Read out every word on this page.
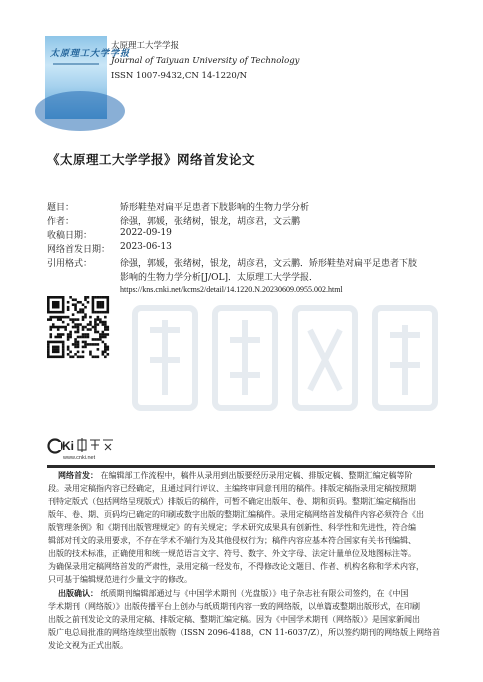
太原理工大学学报
太原理工大学学报
Journal of Taiyuan University of Technology
ISSN 1007-9432,CN 14-1220/N
《太原理工大学学报》网络首发论文
题目：	矫形鞋垫对扁平足患者下肢影响的生物力学分析
作者：	徐强，郭媛，张绪树，银龙，胡彦君，文云鹏
收稿日期：	2022-09-19
网络首发日期： 2023-06-13
引用格式：	徐强，郭媛，张绪树，银龙，胡彦君，文云鹏．矫形鞋垫对扁平足患者下肢
影响的生物力学分析[J/OL]．太原理工大学学报．
https://kns.cnki.net/kcms2/detail/14.1220.N.20230609.0955.002.html
Ki
www.cnki.net
网络首发： 在编辑部工作流程中，稿件从录用到出版要经历录用定稿、排版定稿、整期汇编定稿等阶
段。录用定稿指内容已经确定，且通过同行评议、主编终审同意刊用的稿件。排版定稿指录用定稿按照期
刊特定版式（包括网络呈现版式）排版后的稿件，可暂不确定出版年、卷、期和页码。整期汇编定稿指出
版年、卷、期、页码均已确定的印刷或数字出版的整期汇编稿件。录用定稿网络首发稿件内容必须符合《出
版管理条例》和《期刊出版管理规定》的有关规定；学术研究成果具有创新性、科学性和先进性，符合编
辑部对刊文的录用要求，不存在学术不端行为及其他侵权行为；稿件内容应基本符合国家有关书刊编辑、
出版的技术标准，正确使用和统一规范语言文字、符号、数字、外文字母、法定计量单位及地图标注等。
为确保录用定稿网络首发的严肃性，录用定稿一经发布，不得修改论文题目、作者、机构名称和学术内容，
只可基于编辑规范进行少量文字的修改。
出版确认： 纸质期刊编辑部通过与《中国学术期刊（光盘版）》电子杂志社有限公司签约，在《中国
学术期刊（网络版）》出版传播平台上创办与纸质期刊内容一致的网络版，以单篇或整期出版形式，在印刷
出版之前刊发论文的录用定稿、排版定稿、整期汇编定稿。因为《中国学术期刊（网络版）》是国家新闻出
版广电总局批准的网络连续型出版物（ISSN 2096-4188，CN 11-6037/Z），所以签约期刊的网络版上网络首
发论文视为正式出版。
